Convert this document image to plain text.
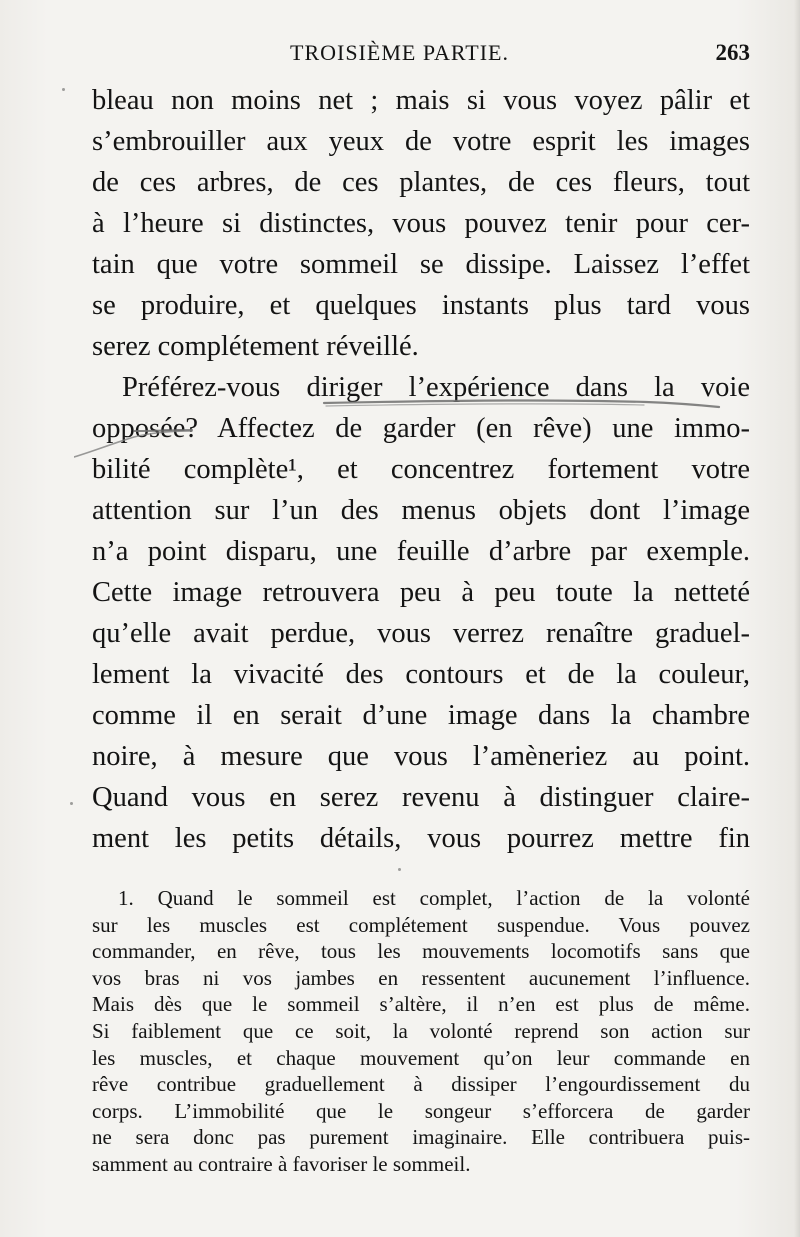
TROISIÈME PARTIE.	263
bleau non moins net ; mais si vous voyez pâlir et
s’embrouiller aux yeux de votre esprit les images
de ces arbres, de ces plantes, de ces fleurs, tout
à l’heure si distinctes, vous pouvez tenir pour cer-
tain que votre sommeil se dissipe. Laissez l’effet
se produire, et quelques instants plus tard vous
serez complétement réveillé.
Préférez-vous diriger l’expérience dans la voie
opposée? Affectez de garder (en rêve) une immo-
bilité complète¹, et concentrez fortement votre
attention sur l’un des menus objets dont l’image
n’a point disparu, une feuille d’arbre par exemple.
Cette image retrouvera peu à peu toute la netteté
qu’elle avait perdue, vous verrez renaître graduel-
lement la vivacité des contours et de la couleur,
comme il en serait d’une image dans la chambre
noire, à mesure que vous l’amèneriez au point.
Quand vous en serez revenu à distinguer claire-
ment les petits détails, vous pourrez mettre fin
1. Quand le sommeil est complet, l’action de la volonté
sur les muscles est complétement suspendue. Vous pouvez
commander, en rêve, tous les mouvements locomotifs sans que
vos bras ni vos jambes en ressentent aucunement l’influence.
Mais dès que le sommeil s’altère, il n’en est plus de même.
Si faiblement que ce soit, la volonté reprend son action sur
les muscles, et chaque mouvement qu’on leur commande en
rêve contribue graduellement à dissiper l’engourdissement du
corps. L’immobilité que le songeur s’efforcera de garder
ne sera donc pas purement imaginaire. Elle contribuera puis-
samment au contraire à favoriser le sommeil.
